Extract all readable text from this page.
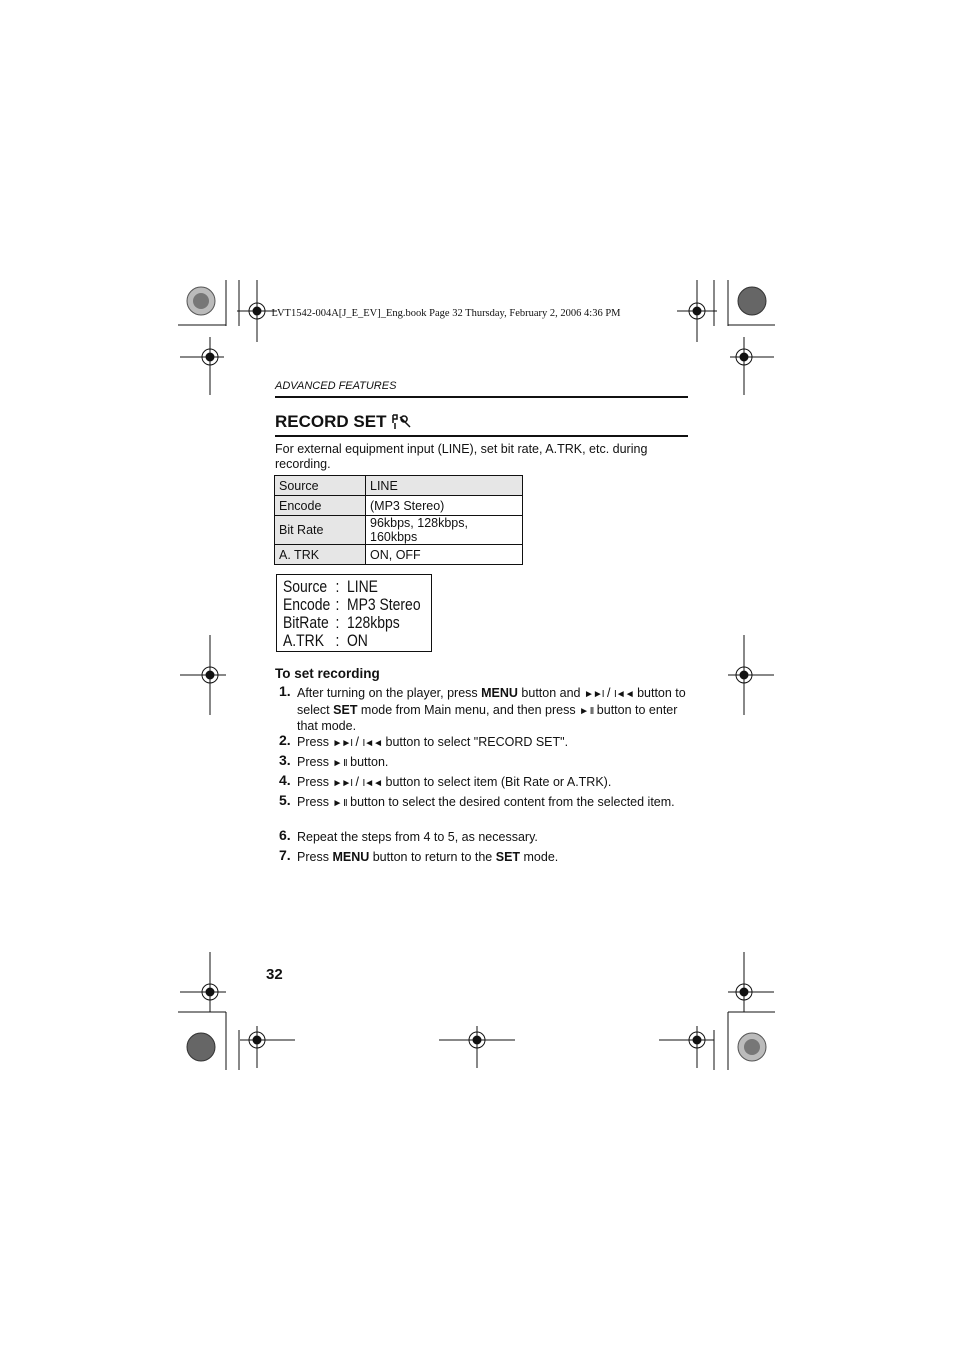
LVT1542-004A[J_E_EV]_Eng.book Page 32 Thursday, February 2, 2006 4:36 PM
ADVANCED FEATURES
RECORD SET
For external equipment input (LINE), set bit rate, A.TRK, etc. during recording.
Source	LINE
Encode	(MP3 Stereo)
Bit Rate	96kbps, 128kbps, 160kbps
A. TRK	ON, OFF
Source : LINE
Encode : MP3 Stereo
BitRate : 128kbps
A.TRK : ON
To set recording
1. After turning on the player, press MENU button and ►►I / I◄◄ button to select SET mode from Main menu, and then press ► II button to enter that mode.
2. Press ►►I / I◄◄ button to select "RECORD SET".
3. Press ► II button.
4. Press ►►I / I◄◄ button to select item (Bit Rate or A.TRK).
5. Press ► II button to select the desired content from the selected item.
6. Repeat the steps from 4 to 5, as necessary.
7. Press MENU button to return to the SET mode.
32
